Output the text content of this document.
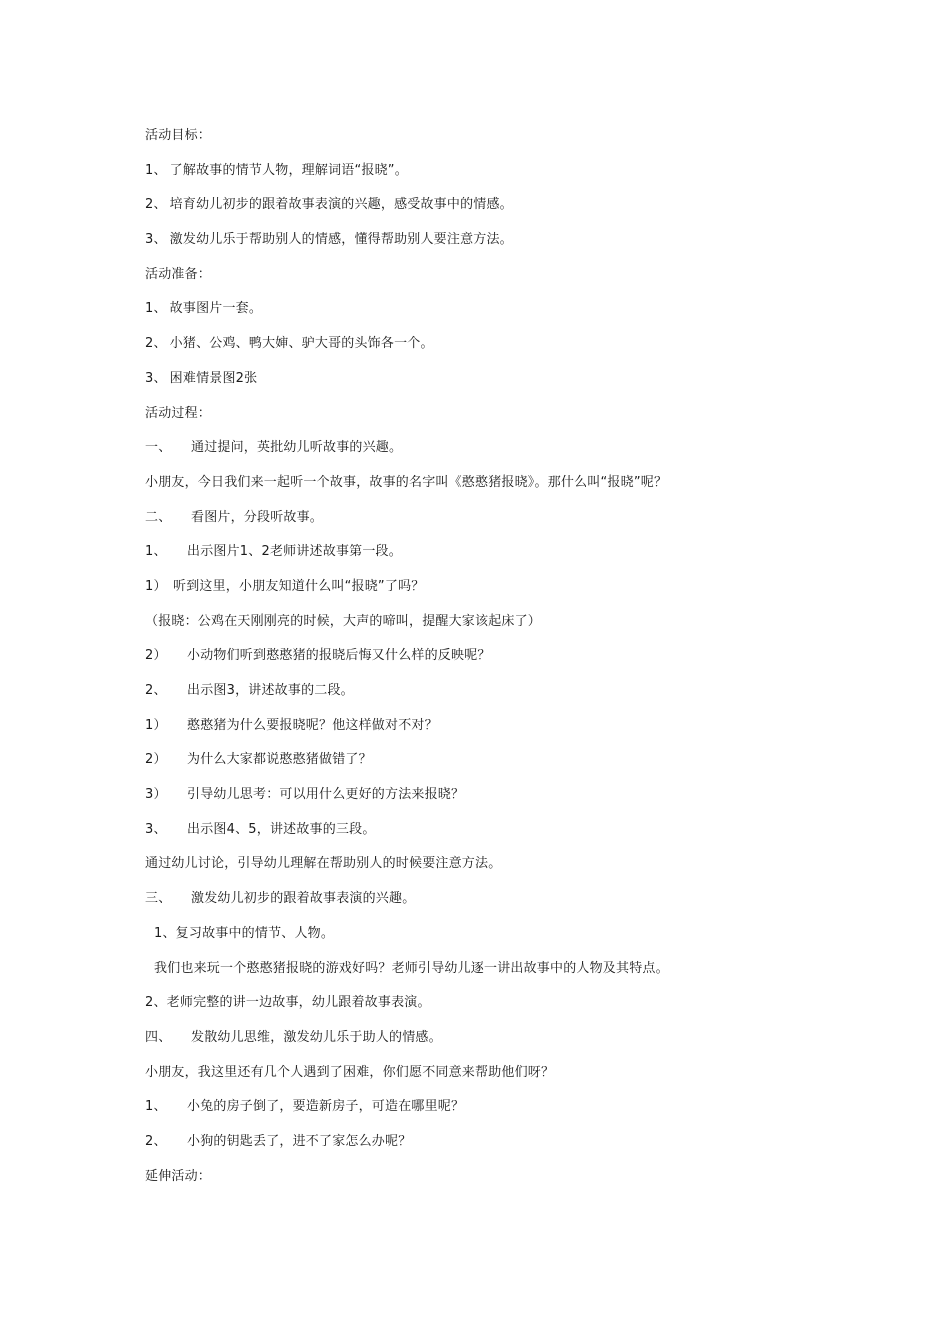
活动目标：
1、 了解故事的情节人物，理解词语“报晓”。
2、 培育幼儿初步的跟着故事表演的兴趣，感受故事中的情感。
3、 激发幼儿乐于帮助别人的情感，懂得帮助别人要注意方法。
活动准备：
1、 故事图片一套。
2、 小猪、公鸡、鸭大婶、驴大哥的头饰各一个。
3、 困难情景图2张
活动过程：
一、	通过提问，英批幼儿听故事的兴趣。
小朋友，今日我们来一起听一个故事，故事的名字叫《憨憨猪报晓》。那什么叫“报晓”呢？
二、	看图片，分段听故事。
1、	出示图片1、2老师讲述故事第一段。
1） 听到这里，小朋友知道什么叫“报晓”了吗？
（报晓：公鸡在天刚刚亮的时候，大声的啼叫，提醒大家该起床了）
2）	小动物们听到憨憨猪的报晓后悔又什么样的反映呢？
2、	出示图3，讲述故事的二段。
1）	憨憨猪为什么要报晓呢？他这样做对不对？
2）	为什么大家都说憨憨猪做错了？
3）	引导幼儿思考：可以用什么更好的方法来报晓？
3、	出示图4、5，讲述故事的三段。
通过幼儿讨论，引导幼儿理解在帮助别人的时候要注意方法。
三、	激发幼儿初步的跟着故事表演的兴趣。
1、复习故事中的情节、人物。
我们也来玩一个憨憨猪报晓的游戏好吗？老师引导幼儿逐一讲出故事中的人物及其特点。
2、老师完整的讲一边故事，幼儿跟着故事表演。
四、	发散幼儿思维，激发幼儿乐于助人的情感。
小朋友，我这里还有几个人遇到了困难，你们愿不同意来帮助他们呀？
1、	小兔的房子倒了，要造新房子，可造在哪里呢？
2、	小狗的钥匙丢了，进不了家怎么办呢？
延伸活动：
